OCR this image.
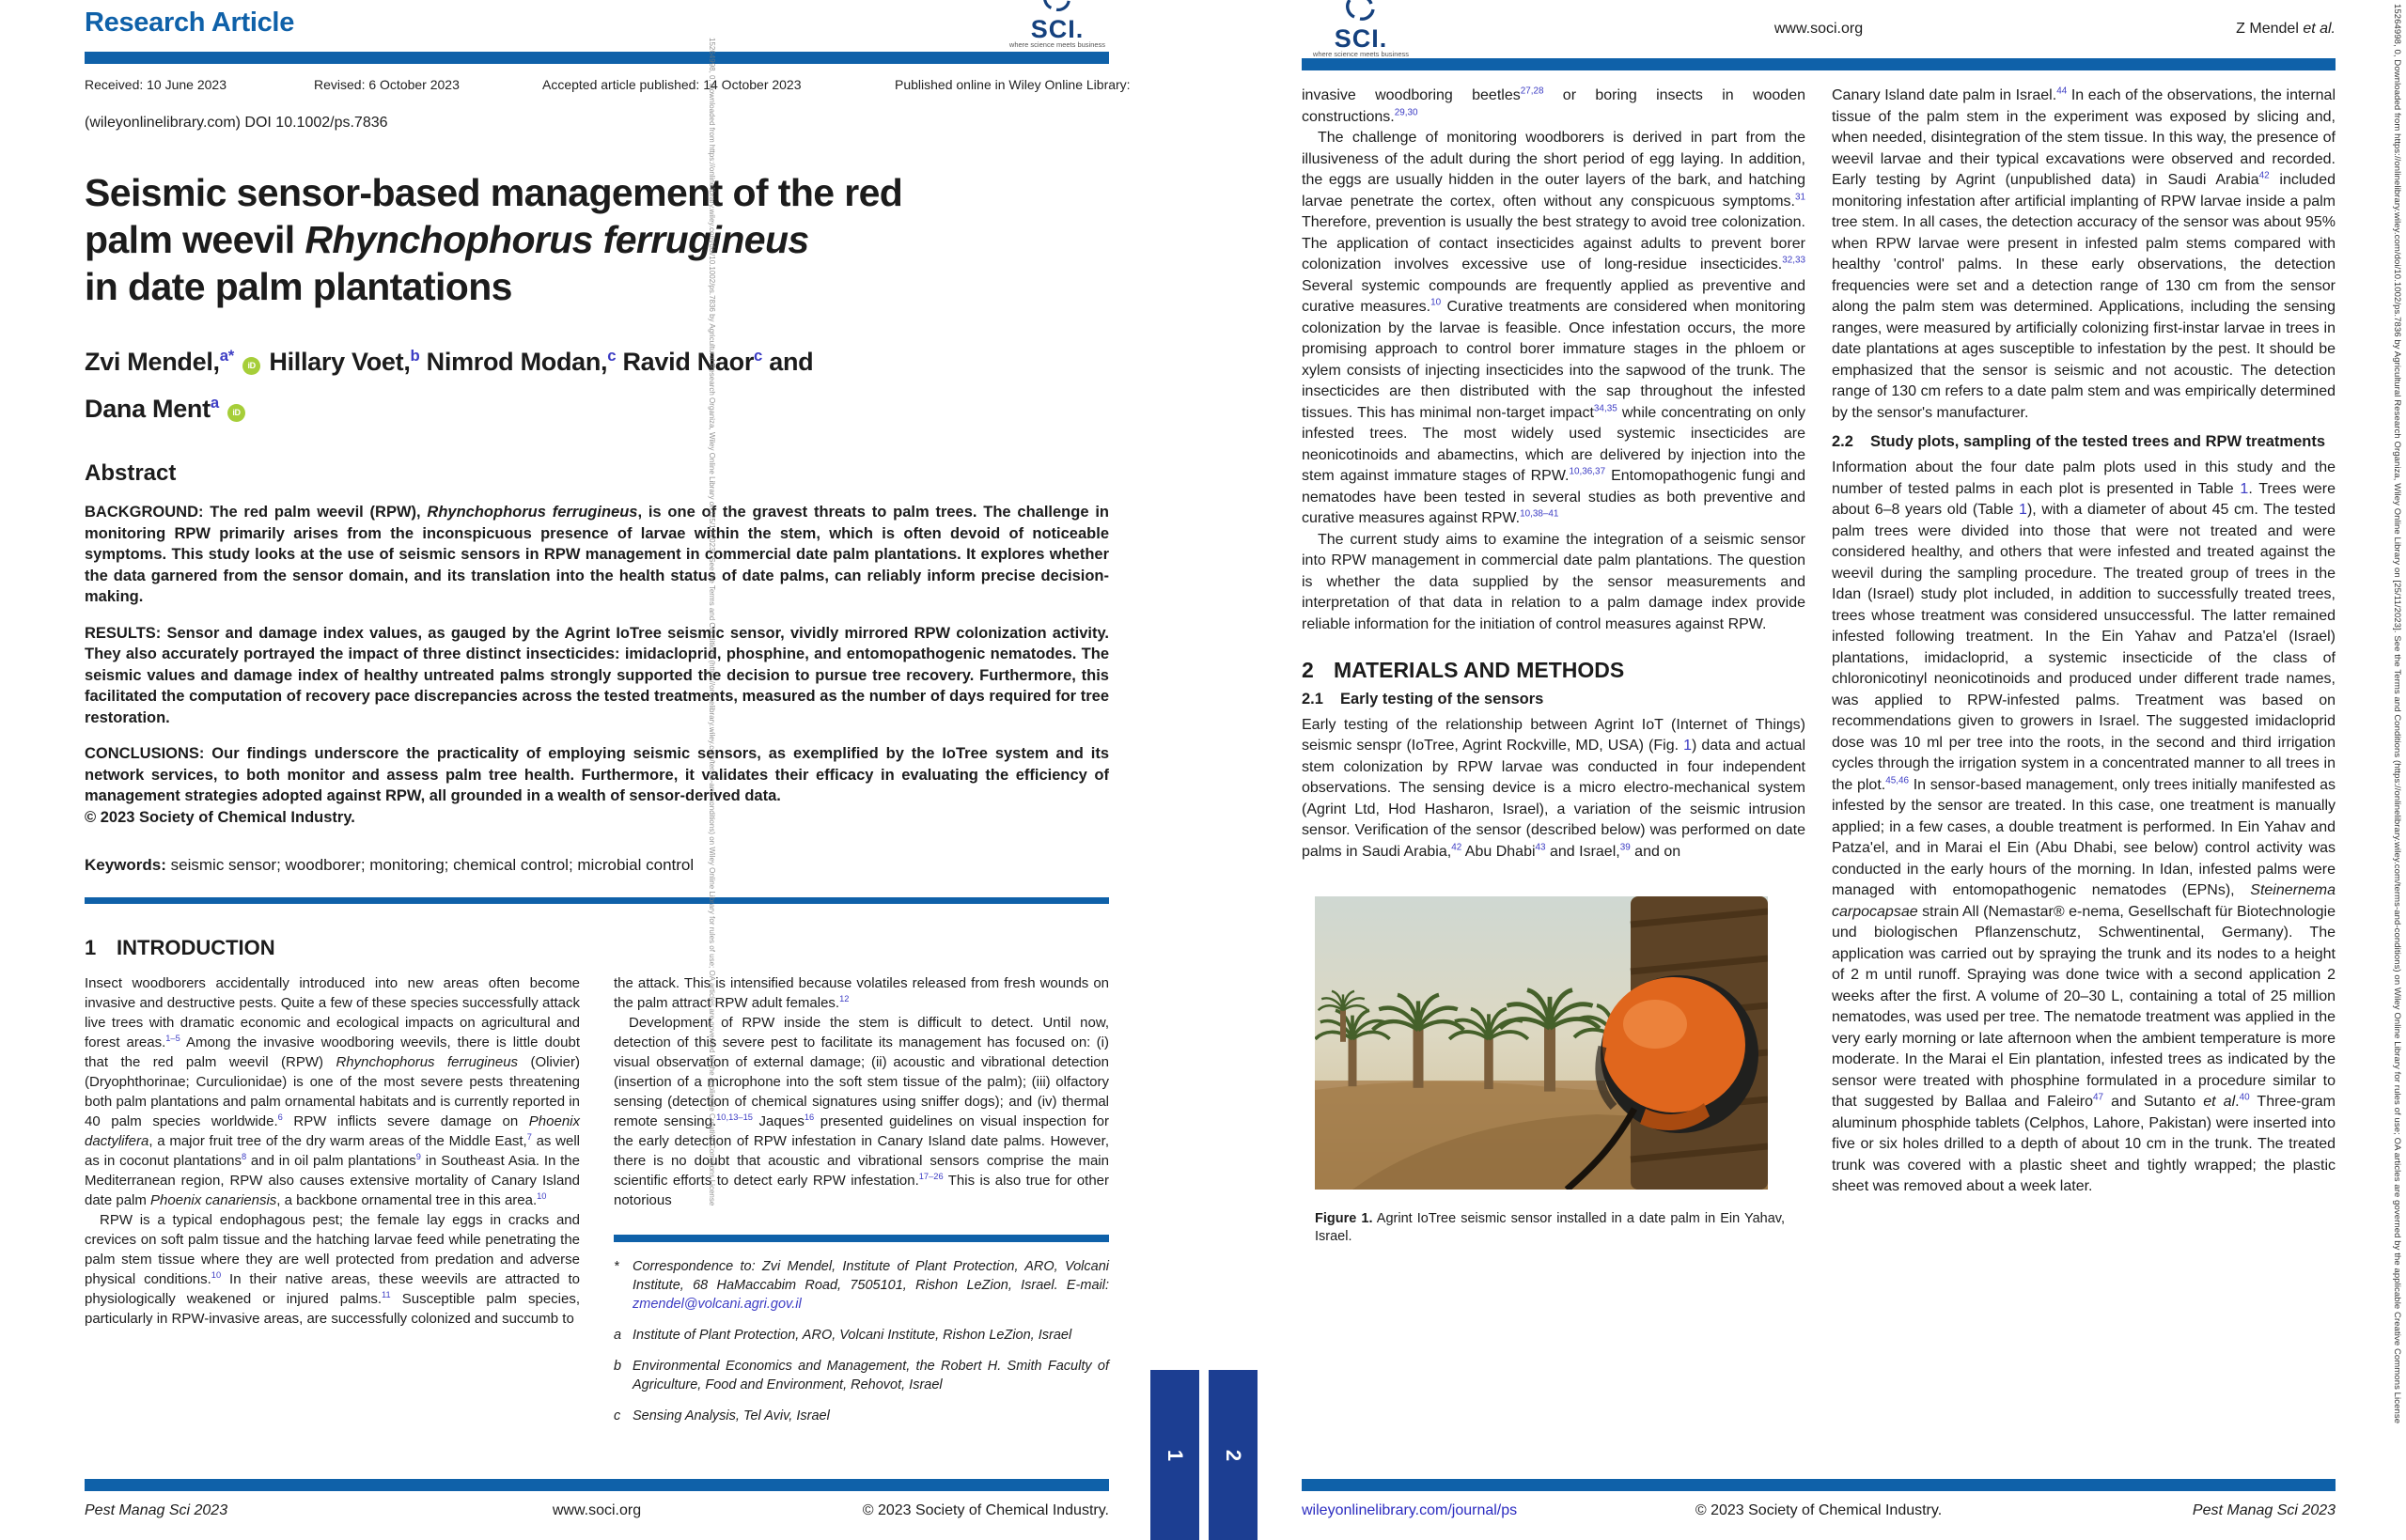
Research Article	SCI.
where science meets business
Received: 10 June 2023	Revised: 6 October 2023	Accepted article published: 14 October 2023	Published online in Wiley Online Library:
(wileyonlinelibrary.com) DOI 10.1002/ps.7836
Seismic sensor-based management of the red
palm weevil Rhynchophorus ferrugineus
in date palm plantations
Zvi Mendel,$^{a*}$ iD Hillary Voet,$^b$ Nimrod Modan,$^c$ Ravid Naor$^c$ and
Dana Ment$^a$ iD
Abstract
BACKGROUND: The red palm weevil (RPW), Rhynchophorus ferrugineus, is one of the gravest threats to palm trees. The challenge in monitoring RPW primarily arises from the inconspicuous presence of larvae within the stem, which is often devoid of noticeable symptoms. This study looks at the use of seismic sensors in RPW management in commercial date palm plantations. It explores whether the data garnered from the sensor domain, and its translation into the health status of date palms, can reliably inform precise decision-making.
RESULTS: Sensor and damage index values, as gauged by the Agrint IoTree seismic sensor, vividly mirrored RPW colonization activity. They also accurately portrayed the impact of three distinct insecticides: imidacloprid, phosphine, and entomopathogenic nematodes. The seismic values and damage index of healthy untreated palms strongly supported the decision to pursue tree recovery. Furthermore, this facilitated the computation of recovery pace discrepancies across the tested treatments, measured as the number of days required for tree restoration.
CONCLUSIONS: Our findings underscore the practicality of employing seismic sensors, as exemplified by the IoTree system and its network services, to both monitor and assess palm tree health. Furthermore, it validates their efficacy in evaluating the efficiency of management strategies adopted against RPW, all grounded in a wealth of sensor-derived data.
© 2023 Society of Chemical Industry.
Keywords: seismic sensor; woodborer; monitoring; chemical control; microbial control
1 INTRODUCTION

Insect woodborers accidentally introduced into new areas often become invasive and destructive pests. Quite a few of these species successfully attack live trees with dramatic economic and ecological impacts on agricultural and forest areas.$^{1-5}$ Among the invasive woodboring weevils, there is little doubt that the red palm weevil (RPW) Rhynchophorus ferrugineus (Olivier) (Dryophthorinae; Curculionidae) is one of the most severe pests threatening both palm plantations and palm ornamental habitats and is currently reported in 40 palm species worldwide.$^6$ RPW inflicts severe damage on Phoenix dactylifera, a major fruit tree of the dry warm areas of the Middle East,$^7$ as well as in coconut plantations$^8$ and in oil palm plantations$^9$ in Southeast Asia. In the Mediterranean region, RPW also causes extensive mortality of Canary Island date palm Phoenix canariensis, a backbone ornamental tree in this area.$^{10}$

RPW is a typical endophagous pest; the female lay eggs in cracks and crevices on soft palm tissue and the hatching larvae feed while penetrating the palm stem tissue where they are well protected from predation and adverse physical conditions.$^{10}$ In their native areas, these weevils are attracted to physiologically weakened or injured palms.$^{11}$ Susceptible palm species, particularly in RPW-invasive areas, are successfully colonized and succumb to

the attack. This is intensified because volatiles released from fresh wounds on the palm attract RPW adult females.$^{12}$

Development of RPW inside the stem is difficult to detect. Until now, detection of this severe pest to facilitate its management has focused on: (i) visual observation of external damage; (ii) acoustic and vibrational detection (insertion of a microphone into the soft stem tissue of the palm); (iii) olfactory sensing (detection of chemical signatures using sniffer dogs); and (iv) thermal remote sensing.$^{10,13-15}$ Jaques$^{16}$ presented guidelines on visual inspection for the early detection of RPW infestation in Canary Island date palms. However, there is no doubt that acoustic and vibrational sensors comprise the main scientific efforts to detect early RPW infestation.$^{17-26}$ This is also true for other notorious

* Correspondence to: Zvi Mendel, Institute of Plant Protection, ARO, Volcani Institute, 68 HaMaccabim Road, 7505101, Rishon LeZion, Israel. E-mail: zmendel@volcani.agri.gov.il
a Institute of Plant Protection, ARO, Volcani Institute, Rishon LeZion, Israel
b Environmental Economics and Management, the Robert H. Smith Faculty of Agriculture, Food and Environment, Rehovot, Israel
c Sensing Analysis, Tel Aviv, Israel
Pest Manag Sci 2023	www.soci.org	© 2023 Society of Chemical Industry.
1 2
SCI.
where science meets business
www.soci.org	Z Mendel et al.

invasive woodboring beetles$^{27,28}$ or boring insects in wooden constructions.$^{29,30}$

The challenge of monitoring woodborers is derived in part from the illusiveness of the adult during the short period of egg laying. In addition, the eggs are usually hidden in the outer layers of the bark, and hatching larvae penetrate the cortex, often without any conspicuous symptoms.$^{31}$ Therefore, prevention is usually the best strategy to avoid tree colonization. The application of contact insecticides against adults to prevent borer colonization involves excessive use of long-residue insecticides.$^{32,33}$ Several systemic compounds are frequently applied as preventive and curative measures.$^{10}$ Curative treatments are considered when monitoring colonization by the larvae is feasible. Once infestation occurs, the more promising approach to control borer immature stages in the phloem or xylem consists of injecting insecticides into the sapwood of the trunk. The insecticides are then distributed with the sap throughout the infested tissues. This has minimal non-target impact$^{34,35}$ while concentrating on only infested trees. The most widely used systemic insecticides are neonicotinoids and abamectins, which are delivered by injection into the stem against immature stages of RPW.$^{10,36,37}$ Entomopathogenic fungi and nematodes have been tested in several studies as both preventive and curative measures against RPW.$^{10,38-41}$

The current study aims to examine the integration of a seismic sensor into RPW management in commercial date palm plantations. The question is whether the data supplied by the sensor measurements and interpretation of that data in relation to a palm damage index provide reliable information for the initiation of control measures against RPW.

2 MATERIALS AND METHODS
2.1 Early testing of the sensors

Early testing of the relationship between Agrint IoT (Internet of Things) seismic senspr (IoTree, Agrint Rockville, MD, USA) (Fig. 1) data and actual stem colonization by RPW larvae was conducted in four independent observations. The sensing device is a micro electro-mechanical system (Agrint Ltd, Hod Hasharon, Israel), a variation of the seismic intrusion sensor. Verification of the sensor (described below) was performed on date palms in Saudi Arabia,$^{42}$ Abu Dhabi$^{43}$ and Israel,$^{39}$ and on

Figure 1. Agrint IoTree seismic sensor installed in a date palm in Ein Yahav, Israel.

Canary Island date palm in Israel.$^{44}$ In each of the observations, the internal tissue of the palm stem in the experiment was exposed by slicing and, when needed, disintegration of the stem tissue. In this way, the presence of weevil larvae and their typical excavations were observed and recorded. Early testing by Agrint (unpublished data) in Saudi Arabia$^{42}$ included monitoring infestation after artificial implanting of RPW larvae inside a palm tree stem. In all cases, the detection accuracy of the sensor was about 95% when RPW larvae were present in infested palm stems compared with healthy 'control' palms. In these early observations, the detection frequencies were set and a detection range of 130 cm from the sensor along the palm stem was determined. Applications, including the sensing ranges, were measured by artificially colonizing first-instar larvae in trees in date plantations at ages susceptible to infestation by the pest. It should be emphasized that the sensor is seismic and not acoustic. The detection range of 130 cm refers to a date palm stem and was empirically determined by the sensor's manufacturer.

2.2 Study plots, sampling of the tested trees and RPW treatments

Information about the four date palm plots used in this study and the number of tested palms in each plot is presented in Table 1. Trees were about 6–8 years old (Table 1), with a diameter of about 45 cm. The tested palm trees were divided into those that were not treated and were considered healthy, and others that were infested and treated against the weevil during the sampling procedure. The treated group of trees in the Idan (Israel) study plot included, in addition to successfully treated trees, trees whose treatment was considered unsuccessful. The latter remained infested following treatment. In the Ein Yahav and Patza'el (Israel) plantations, imidacloprid, a systemic insecticide of the class of chloronicotinyl neonicotinoids and produced under different trade names, was applied to RPW-infested palms. Treatment was based on recommendations given to growers in Israel. The suggested imidacloprid dose was 10 ml per tree into the roots, in the second and third irrigation cycles through the irrigation system in a concentrated manner to all trees in the plot.$^{45,46}$ In sensor-based management, only trees initially manifested as infested by the sensor are treated. In this case, one treatment is manually applied; in a few cases, a double treatment is performed. In Ein Yahav and Patza'el, and in Marai el Ein (Abu Dhabi, see below) control activity was conducted in the early hours of the morning. In Idan, infested palms were managed with entomopathogenic nematodes (EPNs), Steinernema carpocapsae strain All (Nemastar® e-nema, Gesellschaft für Biotechnologie und biologischen Pflanzenschutz, Schwentinental, Germany). The application was carried out by spraying the trunk and its nodes to a height of 2 m until runoff. Spraying was done twice with a second application 2 weeks after the first. A volume of 20–30 L, containing a total of 25 million nematodes, was used per tree. The nematode treatment was applied in the very early morning or late afternoon when the ambient temperature is more moderate. In the Marai el Ein plantation, infested trees as indicated by the sensor were treated with phosphine formulated in a procedure similar to that suggested by Ballaa and Faleiro$^{47}$ and Sutanto et al.$^{40}$ Three-gram aluminum phosphide tablets (Celphos, Lahore, Pakistan) were inserted into five or six holes drilled to a depth of about 10 cm in the trunk. The treated trunk was covered with a plastic sheet and tightly wrapped; the plastic sheet was removed about a week later.

wileyonlinelibrary.com/journal/ps	© 2023 Society of Chemical Industry.	Pest Manag Sci 2023
15264998, 0, Downloaded from https://onlinelibrary.wiley.com/doi/10.1002/ps.7836 by Agricultural Research Organiza, Wiley Online Library on [25/11/2023]. See the Terms and Conditions (https://onlinelibrary.wiley.com/terms-and-conditions) on Wiley Online Library for rules of use; OA articles are governed by the applicable Creative Commons License	15264998, 0, Downloaded from https://onlinelibrary.wiley.com/doi/10.1002/ps.7836 by Agricultural Research Organiza, Wiley Online Library on [25/11/2023]. See the Terms and Conditions (https://onlinelibrary.wiley.com/terms-and-conditions) on Wiley Online Library for rules of use; OA articles are governed by the applicable Creative Commons License
